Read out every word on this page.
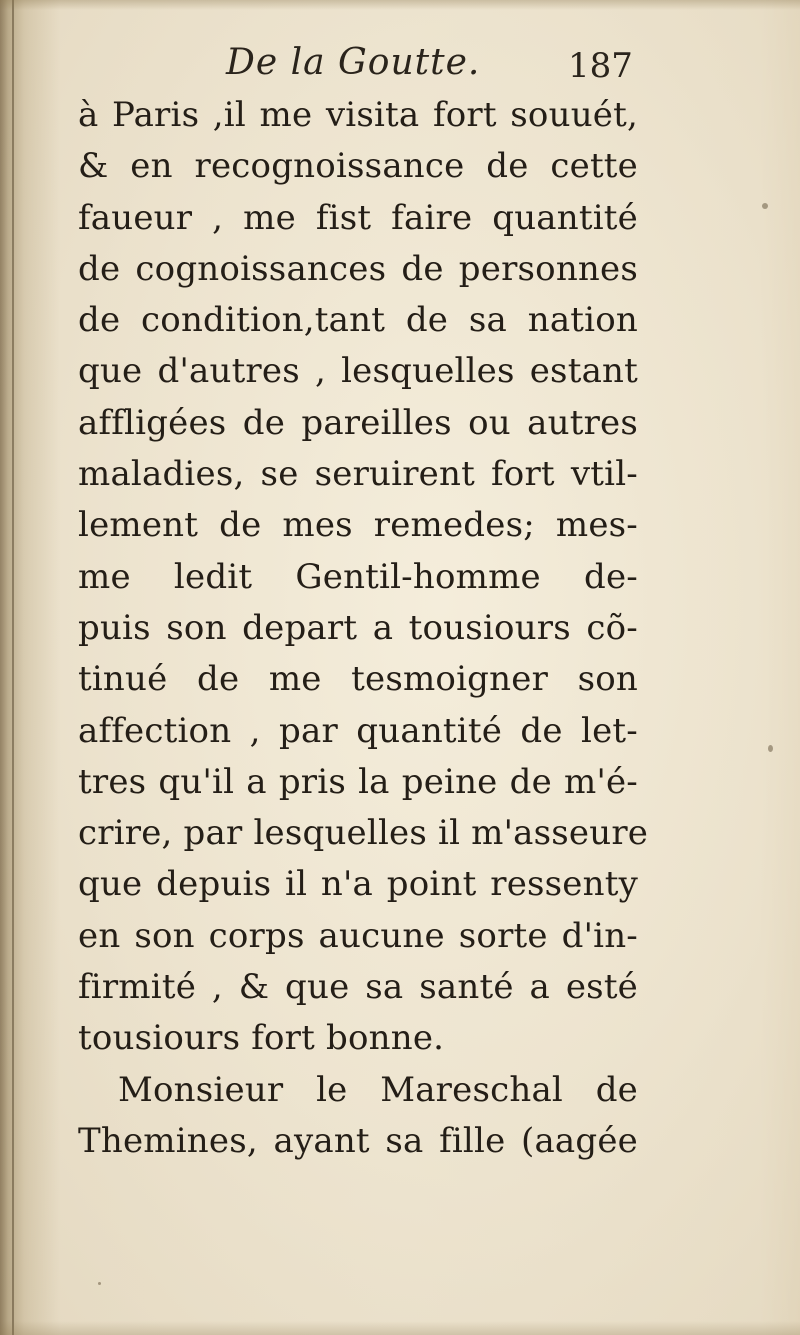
De la Goutte.	187
à Paris ,il me visita fort souuét,
& en recognoissance de cette
faueur , me fist faire quantité
de cognoissances de personnes
de condition,tant de sa nation
que d'autres , lesquelles estant
affligées de pareilles ou autres
maladies, se seruirent fort vtil-
lement de mes remedes; mes-
me ledit Gentil-homme de-
puis son depart a tousiours cõ-
tinué de me tesmoigner son
affection , par quantité de let-
tres qu'il a pris la peine de m'é-
crire, par lesquelles il m'asseure
que depuis il n'a point ressenty
en son corps aucune sorte d'in-
firmité , & que sa santé a esté
tousiours fort bonne.
Monsieur le Mareschal de
Themines, ayant sa fille (aagée
